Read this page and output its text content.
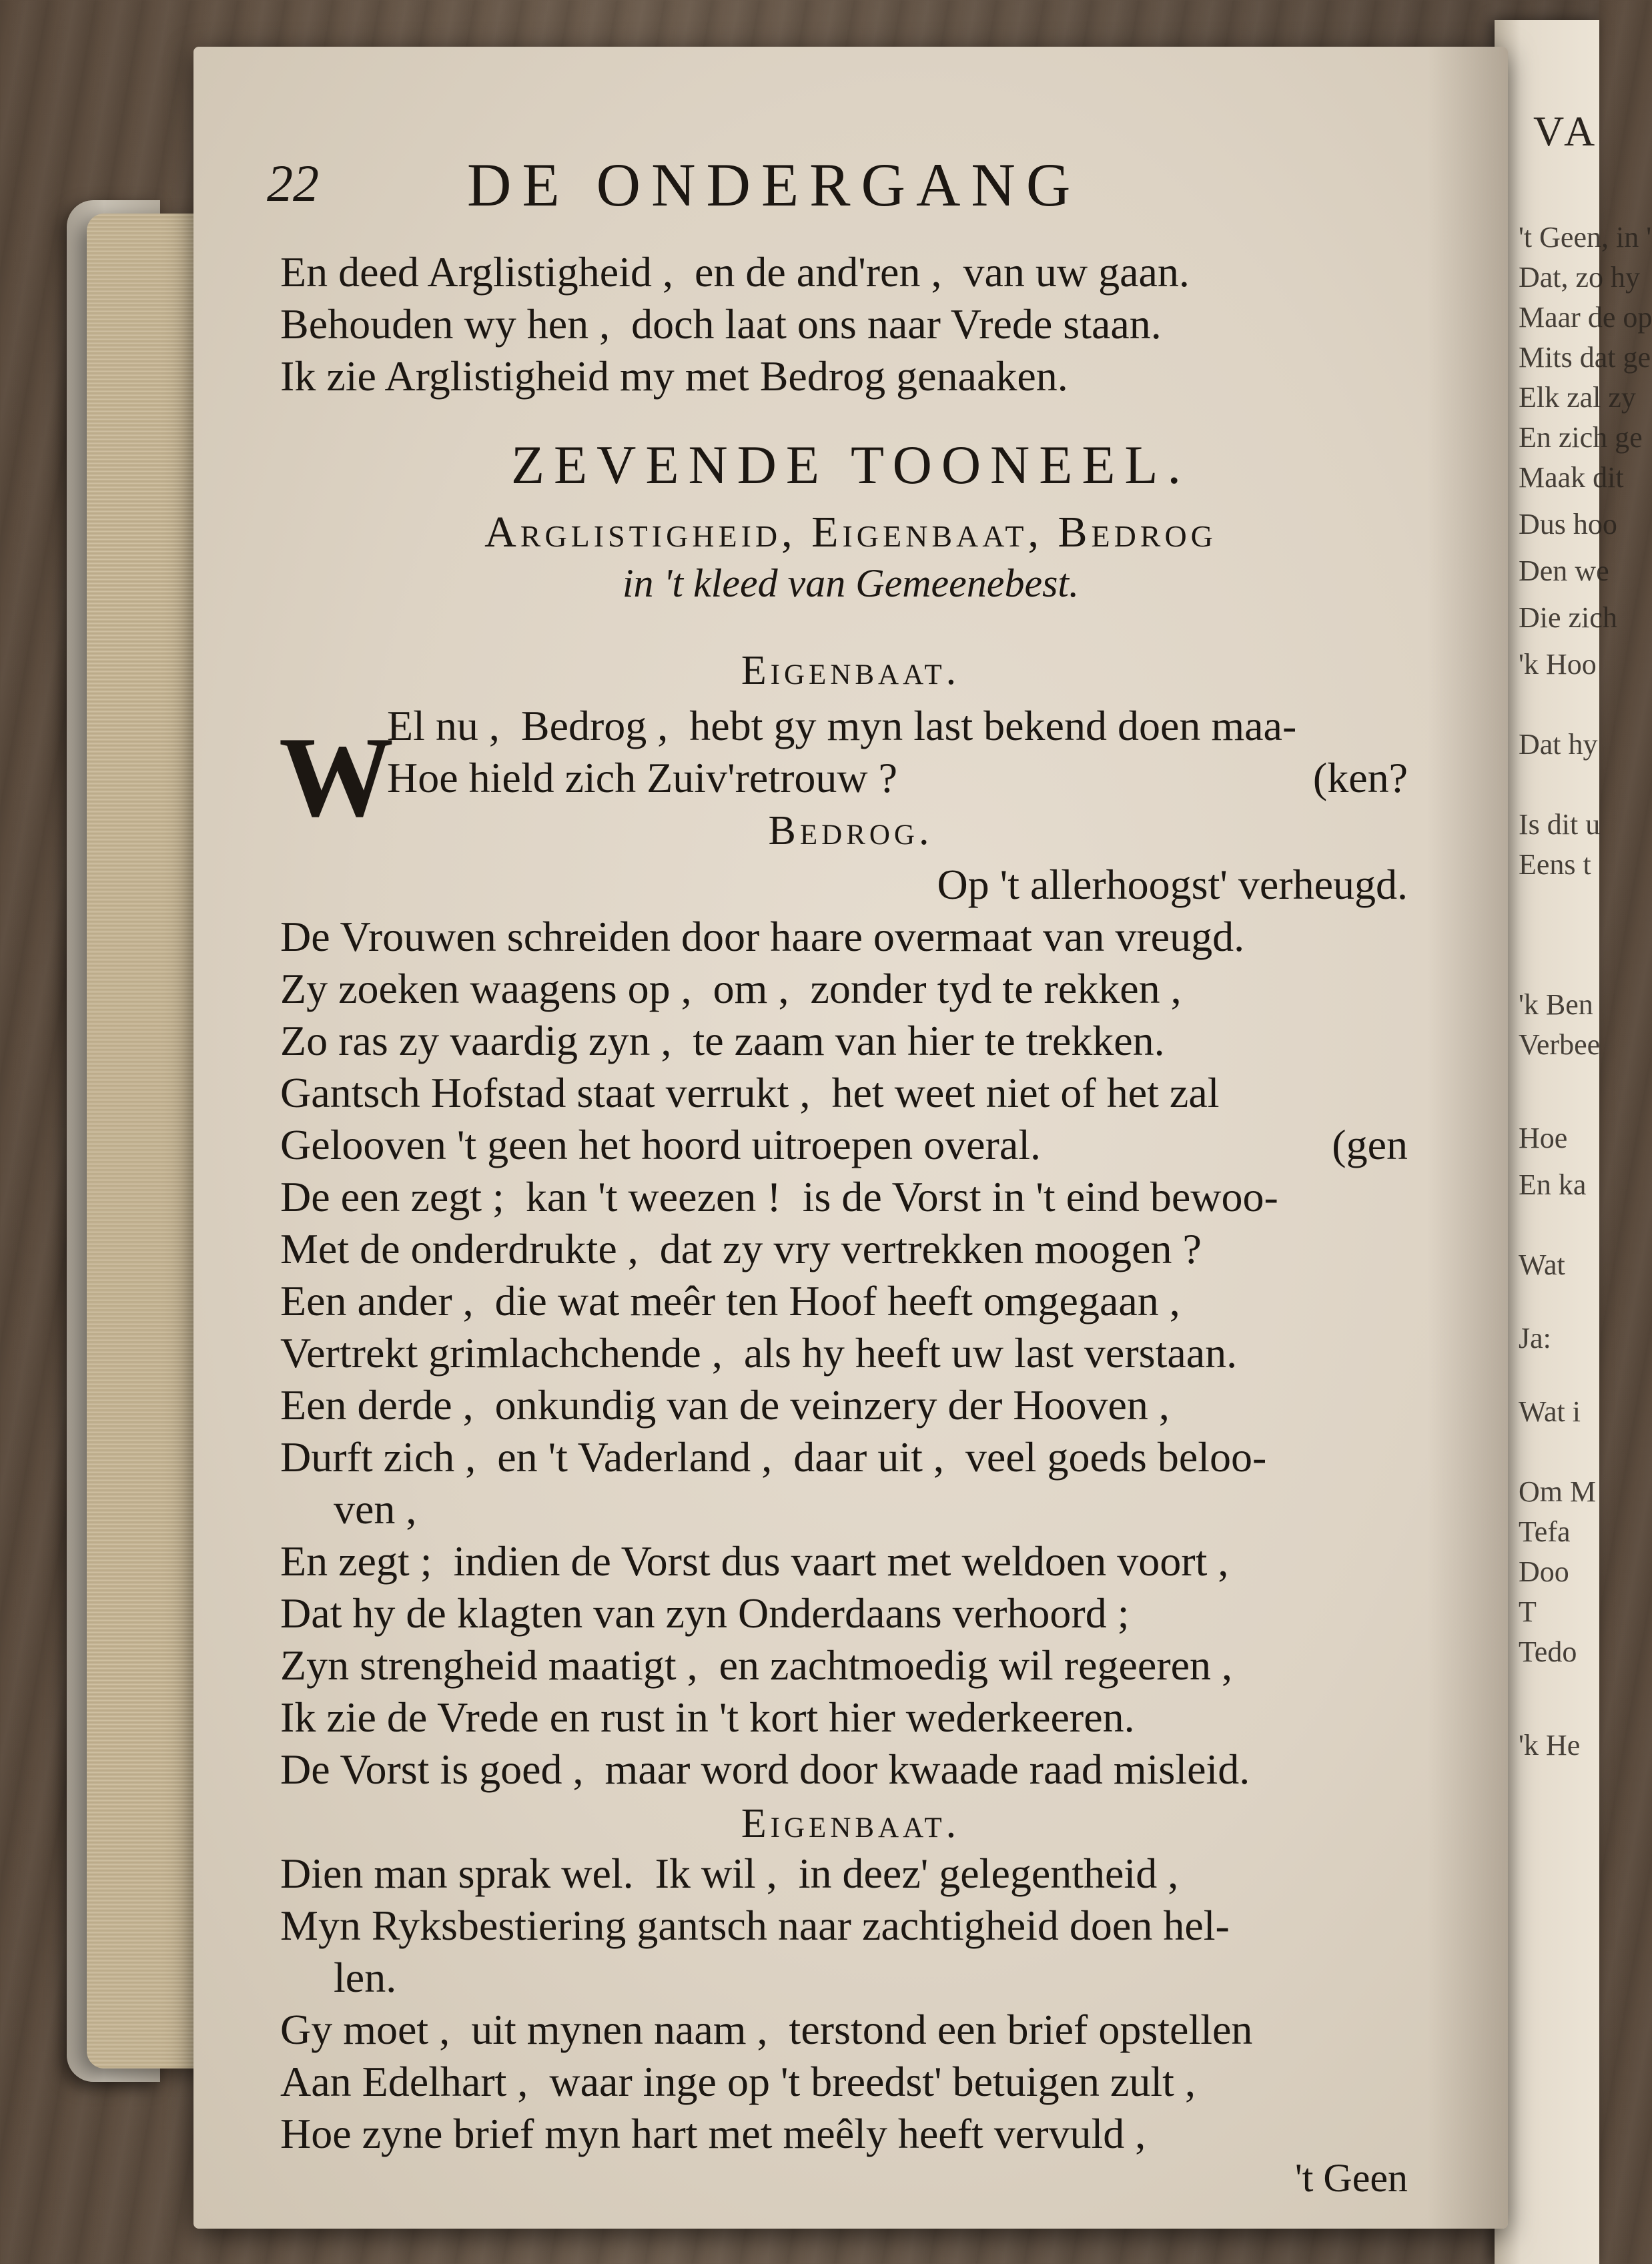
VA
't Geen, in '
Dat, zo hy
Maar de op
Mits dat ge
Elk zal zy
En zich ge
Maak dit
Dus hoo
Den we
Die zich
'k Hoo
Dat hy
Is dit u
Eens t
'k Ben
Verbee
Hoe
En ka
Wat
Ja:
Wat i
Om M
Tefa
Doo
T
Tedo
'k He
22 DE ONDERGANG
En deed Arglistigheid ,  en de and'ren ,  van uw gaan.
Behouden wy hen ,  doch laat ons naar Vrede staan.
Ik zie Arglistigheid my met Bedrog genaaken.
ZEVENDE TOONEEL.
Arglistigheid, Eigenbaat, Bedrog
in 't kleed van Gemeenebest.
Eigenbaat.
W
El nu ,  Bedrog ,  hebt gy myn last bekend doen maa-
Hoe hield zich Zuiv'retrouw ?	(ken?
Bedrog.
Op 't allerhoogst' verheugd.
De Vrouwen schreiden door haare overmaat van vreugd.
Zy zoeken waagens op ,  om ,  zonder tyd te rekken ,
Zo ras zy vaardig zyn ,  te zaam van hier te trekken.
Gantsch Hofstad staat verrukt ,  het weet niet of het zal
Gelooven 't geen het hoord uitroepen overal.	(gen
De een zegt ;  kan 't weezen !  is de Vorst in 't eind bewoo-
Met de onderdrukte ,  dat zy vry vertrekken moogen ?
Een ander ,  die wat meêr ten Hoof heeft omgegaan ,
Vertrekt grimlachchende ,  als hy heeft uw last verstaan.
Een derde ,  onkundig van de veinzery der Hooven ,
Durft zich ,  en 't Vaderland ,  daar uit ,  veel goeds beloo-
ven ,
En zegt ;  indien de Vorst dus vaart met weldoen voort ,
Dat hy de klagten van zyn Onderdaans verhoord ;
Zyn strengheid maatigt ,  en zachtmoedig wil regeeren ,
Ik zie de Vrede en rust in 't kort hier wederkeeren.
De Vorst is goed ,  maar word door kwaade raad misleid.
Eigenbaat.
Dien man sprak wel.  Ik wil ,  in deez' gelegentheid ,
Myn Ryksbestiering gantsch naar zachtigheid doen hel-
len.
Gy moet ,  uit mynen naam ,  terstond een brief opstellen
Aan Edelhart ,  waar inge op 't breedst' betuigen zult ,
Hoe zyne brief myn hart met meêly heeft vervuld ,
't Geen
